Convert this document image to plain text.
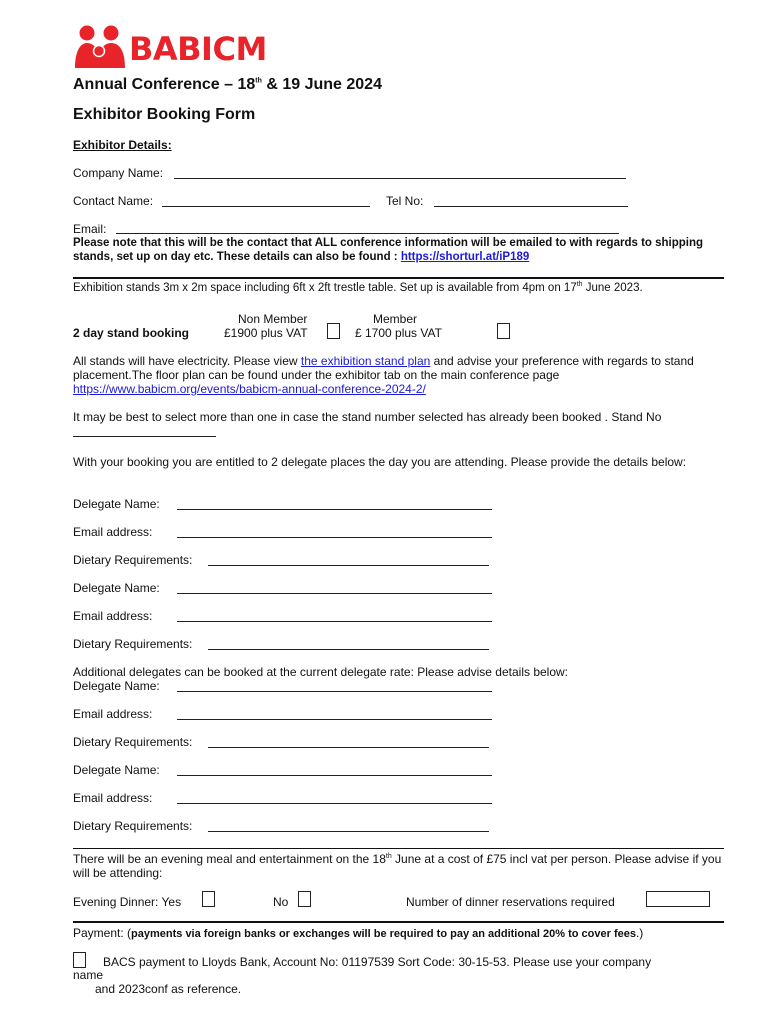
BABICM
Annual Conference – 18th & 19 June 2024
Exhibitor Booking Form
Exhibitor Details:
Company Name:
Contact Name:	Tel No:
Email:
Please note that this will be the contact that ALL conference information will be emailed to with regards to shipping stands, set up on day etc. These details can also be found : https://shorturl.at/iP189
Exhibition stands 3m x 2m space including 6ft x 2ft trestle table. Set up is available from 4pm on 17th June 2023.
Non Member	Member
2 day stand booking	£1900 plus VAT	£ 1700 plus VAT
All stands will have electricity. Please view the exhibition stand plan and advise your preference with regards to stand placement.The floor plan can be found under the exhibitor tab on the main conference page https://www.babicm.org/events/babicm-annual-conference-2024-2/
It may be best to select more than one in case the stand number selected has already been booked . Stand No
With your booking you are entitled to 2 delegate places the day you are attending. Please provide the details below:
Delegate Name:
Email address:
Dietary Requirements:
Delegate Name:
Email address:
Dietary Requirements:
Additional delegates can be booked at the current delegate rate: Please advise details below:
Delegate Name:
Email address:
Dietary Requirements:
Delegate Name:
Email address:
Dietary Requirements:
There will be an evening meal and entertainment on the 18th June at a cost of £75 incl vat per person. Please advise if you will be attending:
Evening Dinner: Yes	No	Number of dinner reservations required
Payment: (payments via foreign banks or exchanges will be required to pay an additional 20% to cover fees.)
BACS payment to Lloyds Bank, Account No: 01197539 Sort Code: 30-15-53. Please use your company
name
and 2023conf as reference.
